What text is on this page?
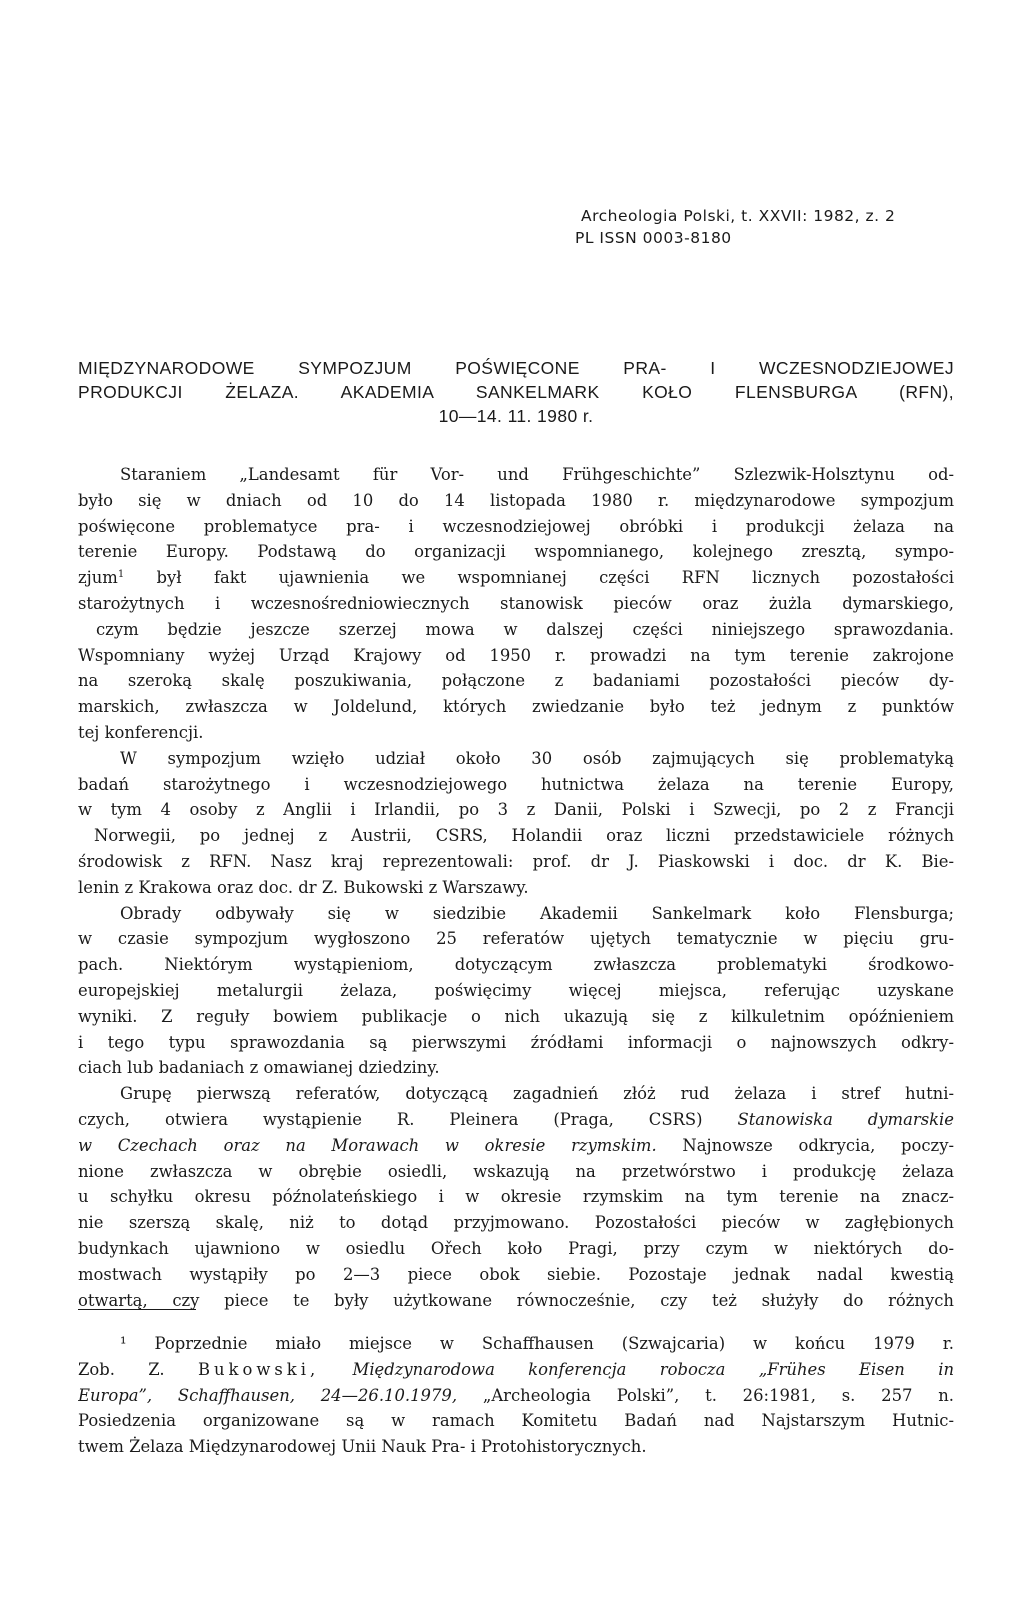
Archeologia Polski, t. XXVII: 1982, z. 2
PL ISSN 0003-8180
MIĘDZYNARODOWE SYMPOZJUM POŚWIĘCONE PRA- I WCZESNODZIEJOWEJ
PRODUKCJI ŻELAZA. AKADEMIA SANKELMARK KOŁO FLENSBURGA (RFN),
10—14. 11. 1980 r.
Staraniem „Landesamt für Vor- und Frühgeschichte” Szlezwik-Holsztynu od-
było się w dniach od 10 do 14 listopada 1980 r. międzynarodowe sympozjum
poświęcone problematyce pra- i wczesnodziejowej obróbki i produkcji żelaza na
terenie Europy. Podstawą do organizacji wspomnianego, kolejnego zresztą, sympo-
zjum$^1$ był fakt ujawnienia we wspomnianej części RFN licznych pozostałości
starożytnych i wczesnośredniowiecznych stanowisk pieców oraz żużla dymarskiego,
czym będzie jeszcze szerzej mowa w dalszej części niniejszego sprawozdania.
Wspomniany wyżej Urząd Krajowy od 1950 r. prowadzi na tym terenie zakrojone
na szeroką skalę poszukiwania, połączone z badaniami pozostałości pieców dy-
marskich, zwłaszcza w Joldelund, których zwiedzanie było też jednym z punktów
tej konferencji.
W sympozjum wzięło udział około 30 osób zajmujących się problematyką
badań starożytnego i wczesnodziejowego hutnictwa żelaza na terenie Europy,
w tym 4 osoby z Anglii i Irlandii, po 3 z Danii, Polski i Szwecji, po 2 z Francji
Norwegii, po jednej z Austrii, CSRS, Holandii oraz liczni przedstawiciele różnych
środowisk z RFN. Nasz kraj reprezentowali: prof. dr J. Piaskowski i doc. dr K. Bie-
lenin z Krakowa oraz doc. dr Z. Bukowski z Warszawy.
Obrady odbywały się w siedzibie Akademii Sankelmark koło Flensburga;
w czasie sympozjum wygłoszono 25 referatów ujętych tematycznie w pięciu gru-
pach. Niektórym wystąpieniom, dotyczącym zwłaszcza problematyki środkowo-
europejskiej metalurgii żelaza, poświęcimy więcej miejsca, referując uzyskane
wyniki. Z reguły bowiem publikacje o nich ukazują się z kilkuletnim opóźnieniem
i tego typu sprawozdania są pierwszymi źródłami informacji o najnowszych odkry-
ciach lub badaniach z omawianej dziedziny.
Grupę pierwszą referatów, dotyczącą zagadnień złóż rud żelaza i stref hutni-
czych, otwiera wystąpienie R. Pleinera (Praga, CSRS) Stanowiska dymarskie
w Czechach oraz na Morawach w okresie rzymskim. Najnowsze odkrycia, poczy-
nione zwłaszcza w obrębie osiedli, wskazują na przetwórstwo i produkcję żelaza
u schyłku okresu późnolateńskiego i w okresie rzymskim na tym terenie na znacz-
nie szerszą skalę, niż to dotąd przyjmowano. Pozostałości pieców w zagłębionych
budynkach ujawniono w osiedlu Ořech koło Pragi, przy czym w niektórych do-
mostwach wystąpiły po 2—3 piece obok siebie. Pozostaje jednak nadal kwestią
otwartą, czy piece te były użytkowane równocześnie, czy też służyły do różnych
¹ Poprzednie miało miejsce w Schaffhausen (Szwajcaria) w końcu 1979 r.
Zob. Z. Bukowski, Międzynarodowa konferencja robocza „Frühes Eisen in
Europa”, Schaffhausen, 24—26.10.1979, „Archeologia Polski”, t. 26:1981, s. 257 n.
Posiedzenia organizowane są w ramach Komitetu Badań nad Najstarszym Hutnic-
twem Żelaza Międzynarodowej Unii Nauk Pra- i Protohistorycznych.
